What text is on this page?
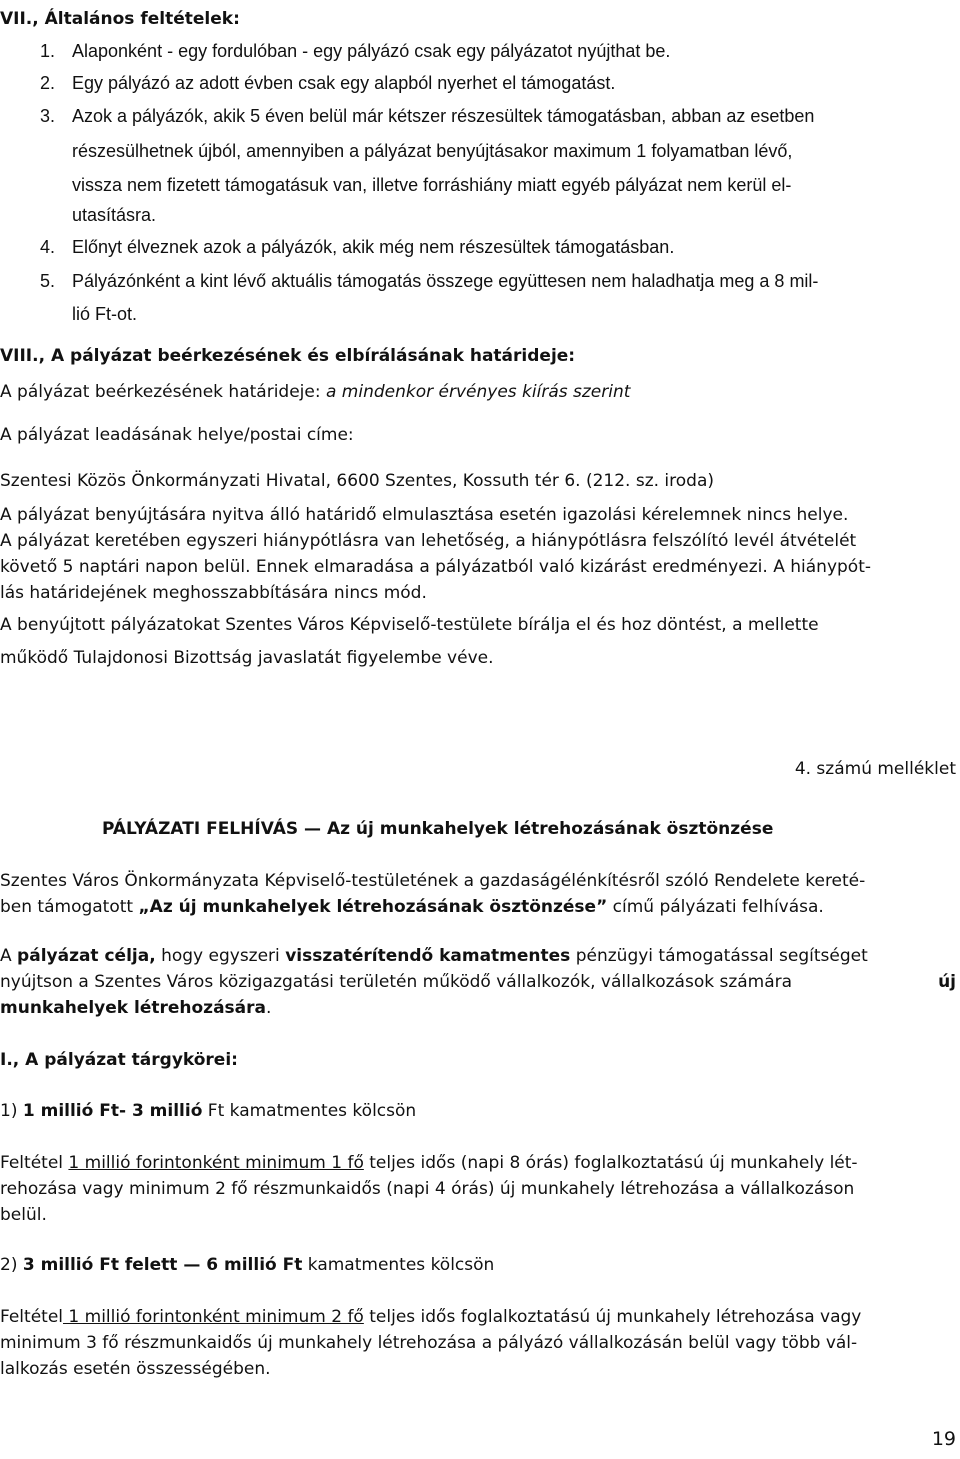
VII., Általános feltételek:
1. Alaponként - egy fordulóban - egy pályázó csak egy pályázatot nyújthat be.
2. Egy pályázó az adott évben csak egy alapból nyerhet el támogatást.
3. Azok a pályázók, akik 5 éven belül már kétszer részesültek támogatásban, abban az esetben
részesülhetnek újból, amennyiben a pályázat benyújtásakor maximum 1 folyamatban lévő,
vissza nem fizetett támogatásuk van, illetve forráshiány miatt egyéb pályázat nem kerül el-
utasításra.
4. Előnyt élveznek azok a pályázók, akik még nem részesültek támogatásban.
5. Pályázónként a kint lévő aktuális támogatás összege együttesen nem haladhatja meg a 8 mil-
lió Ft-ot.
VIII., A pályázat beérkezésének és elbírálásának határideje:
A pályázat beérkezésének határideje: a mindenkor érvényes kiírás szerint
A pályázat leadásának helye/postai címe:
Szentesi Közös Önkormányzati Hivatal, 6600 Szentes, Kossuth tér 6. (212. sz. iroda)
A pályázat benyújtására nyitva álló határidő elmulasztása esetén igazolási kérelemnek nincs helye.
A pályázat keretében egyszeri hiánypótlásra van lehetőség, a hiánypótlásra felszólító levél átvételét
követő 5 naptári napon belül. Ennek elmaradása a pályázatból való kizárást eredményezi. A hiánypót-
lás határidejének meghosszabbítására nincs mód.
A benyújtott pályázatokat Szentes Város Képviselő-testülete bírálja el és hoz döntést, a mellette
működő Tulajdonosi Bizottság javaslatát figyelembe véve.
4. számú melléklet
PÁLYÁZATI FELHÍVÁS — Az új munkahelyek létrehozásának ösztönzése
Szentes Város Önkormányzata Képviselő-testületének a gazdaságélénkítésről szóló Rendelete kereté-
ben támogatott „Az új munkahelyek létrehozásának ösztönzése” című pályázati felhívása.
A pályázat célja, hogy egyszeri visszatérítendő kamatmentes pénzügyi támogatással segítséget
nyújtson a Szentes Város közigazgatási területén működő vállalkozók, vállalkozások számára	új
munkahelyek létrehozására.
I., A pályázat tárgykörei:
1) 1 millió Ft- 3 millió Ft kamatmentes kölcsön
Feltétel 1 millió forintonként minimum 1 fő teljes idős (napi 8 órás) foglalkoztatású új munkahely lét-
rehozása vagy minimum 2 fő részmunkaidős (napi 4 órás) új munkahely létrehozása a vállalkozáson
belül.
2) 3 millió Ft felett — 6 millió Ft kamatmentes kölcsön
Feltétel 1 millió forintonként minimum 2 fő teljes idős foglalkoztatású új munkahely létrehozása vagy
minimum 3 fő részmunkaidős új munkahely létrehozása a pályázó vállalkozásán belül vagy több vál-
lalkozás esetén összességében.
19
